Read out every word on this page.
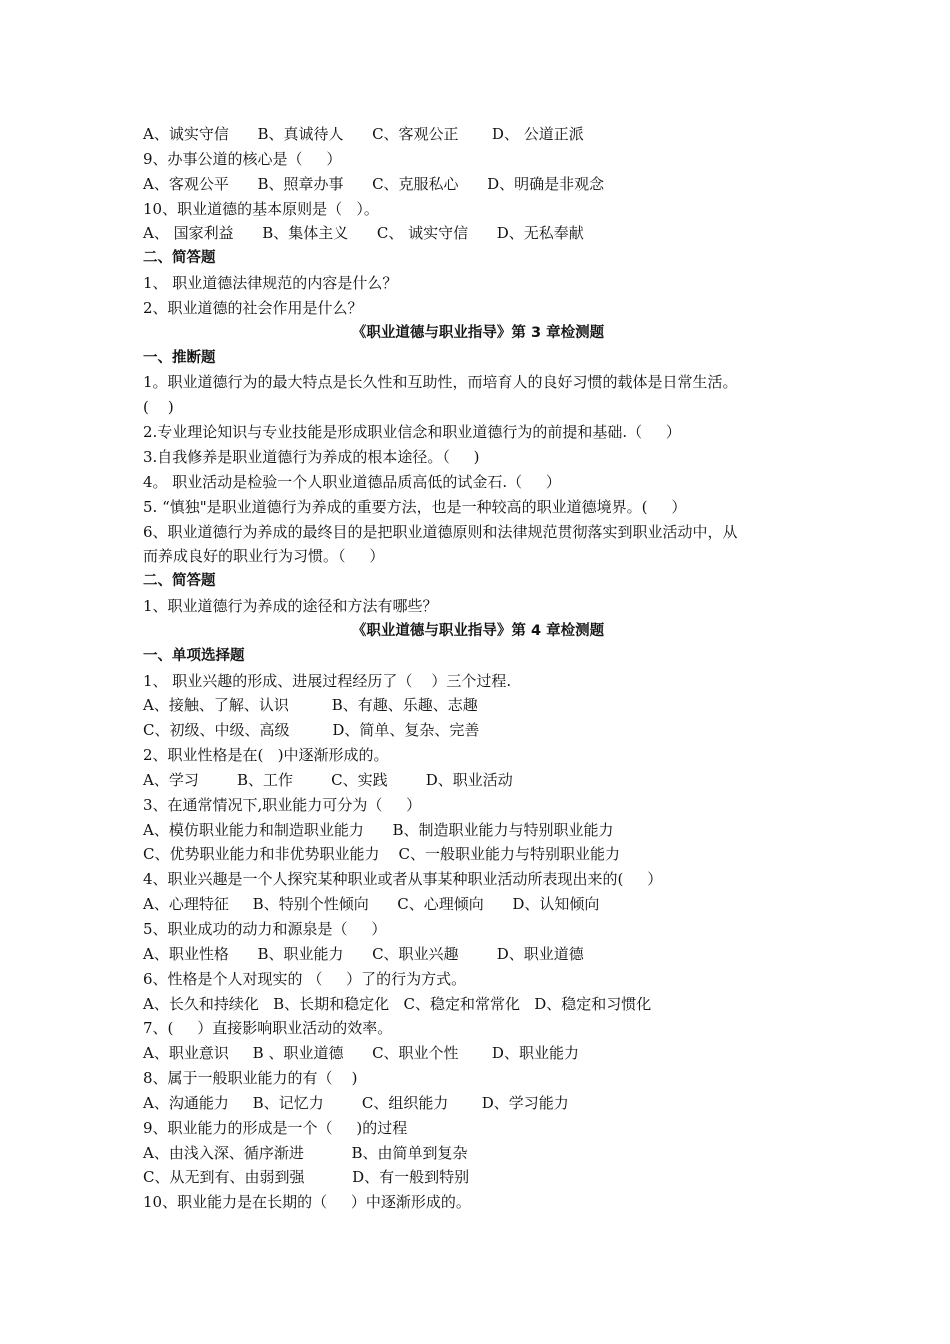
A、诚实守信      B、真诚待人      C、客观公正       D、 公道正派
9、办事公道的核心是（     ）
A、客观公平      B、照章办事      C、克服私心      D、明确是非观念
10、职业道德的基本原则是（   ）。
A、 国家利益      B、集体主义      C、 诚实守信      D、无私奉献
二、简答题
1、 职业道德法律规范的内容是什么？
2、职业道德的社会作用是什么？
《职业道德与职业指导》第 3 章检测题
一、推断题
1。职业道德行为的最大特点是长久性和互助性，而培育人的良好习惯的载体是日常生活。
(    )
2.专业理论知识与专业技能是形成职业信念和职业道德行为的前提和基础.（     ）
3.自我修养是职业道德行为养成的根本途径。（     )
4。 职业活动是检验一个人职业道德品质高低的试金石.（     ）
5. “慎独"是职业道德行为养成的重要方法，也是一种较高的职业道德境界。(     ）
6、职业道德行为养成的最终目的是把职业道德原则和法律规范贯彻落实到职业活动中，从
而养成良好的职业行为习惯。（     ）
二、简答题
1、职业道德行为养成的途径和方法有哪些？
《职业道德与职业指导》第 4 章检测题
一、单项选择题
1、 职业兴趣的形成、进展过程经历了（    ）三个过程.
A、接触、了解、认识         B、有趣、乐趣、志趣
C、初级、中级、高级         D、简单、复杂、完善
2、职业性格是在(   )中逐渐形成的。
A、学习        B、工作        C、实践        D、职业活动
3、在通常情况下,职业能力可分为（     ）
A、模仿职业能力和制造职业能力      B、制造职业能力与特别职业能力
C、优势职业能力和非优势职业能力    C、一般职业能力与特别职业能力
4、职业兴趣是一个人探究某种职业或者从事某种职业活动所表现出来的(     ）
A、心理特征     B、特别个性倾向      C、心理倾向      D、认知倾向
5、职业成功的动力和源泉是（     ）
A、职业性格      B、职业能力      C、职业兴趣        D、职业道德
6、性格是个人对现实的 （     ）了的行为方式。
A、长久和持续化   B、长期和稳定化   C、稳定和常常化   D、稳定和习惯化
7、(     ）直接影响职业活动的效率。
A、职业意识     B 、职业道德      C、职业个性       D、职业能力
8、属于一般职业能力的有（    )
A、沟通能力     B、记忆力        C、组织能力       D、学习能力
9、职业能力的形成是一个（     )的过程
A、由浅入深、循序渐进          B、由简单到复杂
C、从无到有、由弱到强          D、有一般到特别
10、职业能力是在长期的（     ）中逐渐形成的。
